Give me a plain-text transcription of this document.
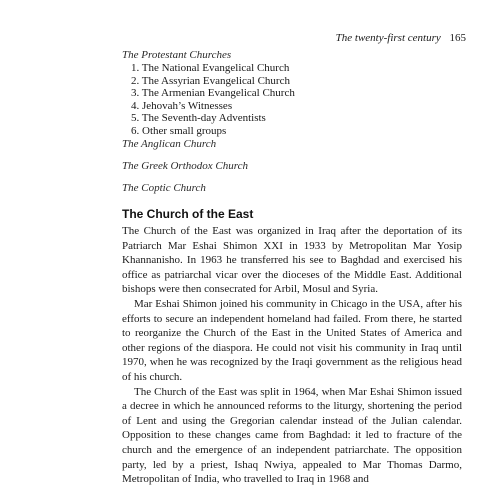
The twenty-first century 165
The Protestant Churches
1. The National Evangelical Church
2. The Assyrian Evangelical Church
3. The Armenian Evangelical Church
4. Jehovah’s Witnesses
5. The Seventh-day Adventists
6. Other small groups
The Anglican Church
The Greek Orthodox Church
The Coptic Church
The Church of the East

The Church of the East was organized in Iraq after the deportation of its Patriarch Mar Eshai Shimon XXI in 1933 by Metropolitan Mar Yosip Khannanisho. In 1963 he transferred his see to Baghdad and exercised his office as patriarchal vicar over the dioceses of the Middle East. Additional bishops were then consecrated for Arbil, Mosul and Syria.

Mar Eshai Shimon joined his community in Chicago in the USA, after his efforts to secure an independent homeland had failed. From there, he started to reorganize the Church of the East in the United States of America and other regions of the diaspora. He could not visit his community in Iraq until 1970, when he was recognized by the Iraqi government as the religious head of his church.

The Church of the East was split in 1964, when Mar Eshai Shimon issued a decree in which he announced reforms to the liturgy, shortening the period of Lent and using the Gregorian calendar instead of the Julian calendar. Opposition to these changes came from Baghdad: it led to fracture of the church and the emergence of an independent patriarchate. The opposition party, led by a priest, Ishaq Nwiya, appealed to Mar Thomas Darmo, Metropolitan of India, who travelled to Iraq in 1968 and
